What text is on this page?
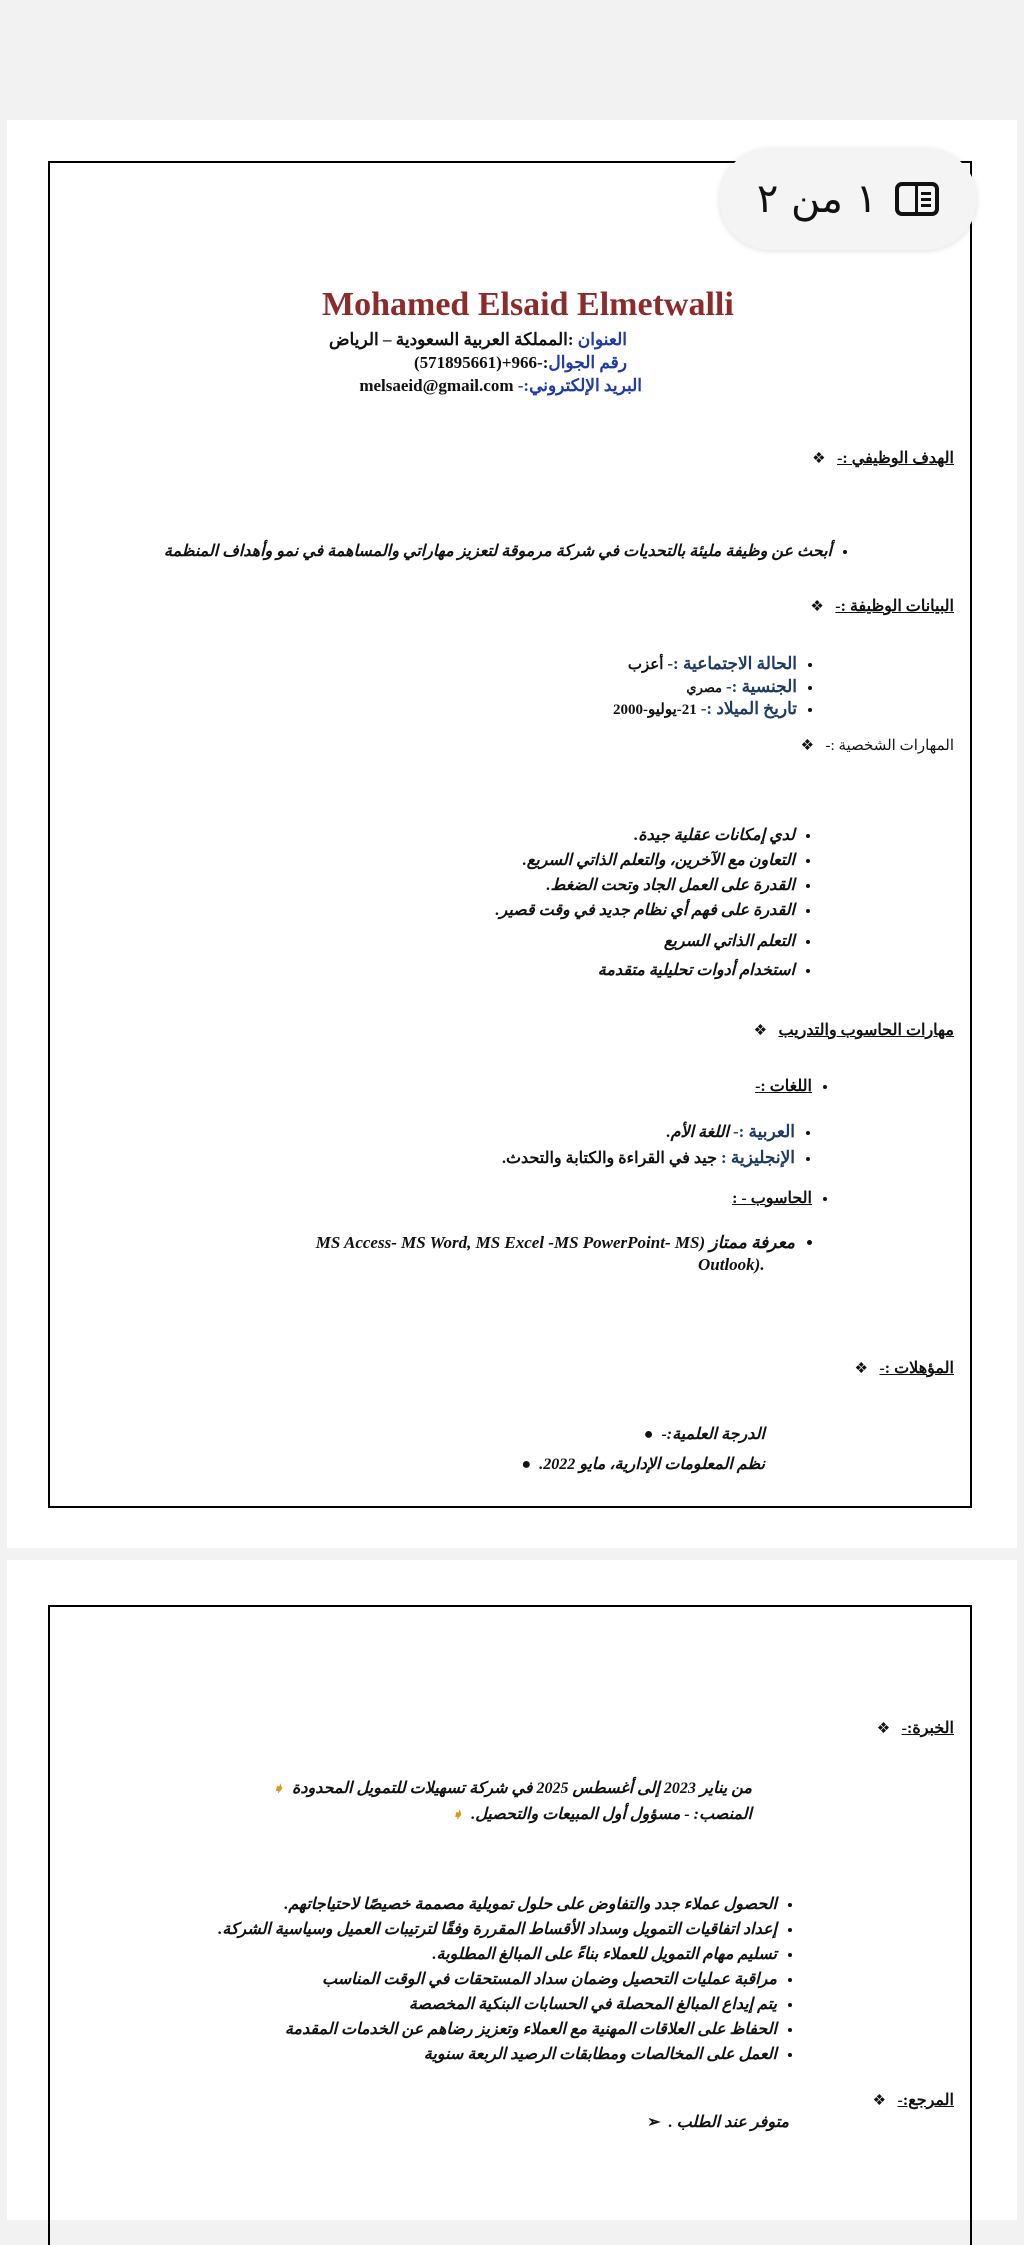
١ من ٢
Mohamed Elsaid Elmetwalli
العنوان :المملكة العربية السعودية – الرياض
رقم الجوال:-966+(571895661)
البريد الإلكتروني:- melsaeid@gmail.com
الهدف الوظيفي :-   ❖
• أبحث عن وظيفة مليئة بالتحديات في شركة مرموقة لتعزيز مهاراتي والمساهمة في نمو وأهداف المنظمة
البيانات الوظيفة :-   ❖
• الحالة الاجتماعية :- أعزب
• الجنسية :- مصري
• تاريخ الميلاد :- 21-يوليو-2000
المهارات الشخصية :-   ❖
• لدي إمكانات عقلية جيدة.
• التعاون مع الآخرين، والتعلم الذاتي السريع.
• القدرة على العمل الجاد وتحت الضغط.
• القدرة على فهم أي نظام جديد في وقت قصير.
• التعلم الذاتي السريع
• استخدام أدوات تحليلية متقدمة
مهارات الحاسوب والتدريب   ❖
• اللغات :-
• العربية :- اللغة الأم.
• الإنجليزية : جيد في القراءة والكتابة والتحدث.
• الحاسوب - :
• معرفة ممتاز (MS Access- MS Word, MS Excel -MS PowerPoint- MS
Outlook).
المؤهلات :-   ❖
الدرجة العلمية:-  ●
نظم المعلومات الإدارية، مايو 2022.  ●
الخبرة:-   ❖
من يناير 2023 إلى أغسطس 2025 في شركة تسهيلات للتمويل المحدودة  ➧
المنصب: - مسؤول أول المبيعات والتحصيل.  ➧
• الحصول عملاء جدد والتفاوض على حلول تمويلية مصممة خصيصًا لاحتياجاتهم.
• إعداد اتفاقيات التمويل وسداد الأقساط المقررة وفقًا لترتيبات العميل وسياسية الشركة.
• تسليم مهام التمويل للعملاء بناءً على المبالغ المطلوبة.
• مراقبة عمليات التحصيل وضمان سداد المستحقات في الوقت المناسب
• يتم إيداع المبالغ المحصلة في الحسابات البنكية المخصصة
• الحفاظ على العلاقات المهنية مع العملاء وتعزيز رضاهم عن الخدمات المقدمة
• العمل على المخالصات ومطابقات الرصيد الربعة سنوية
المرجع:-   ❖
متوفر عند الطلب .  ➢
